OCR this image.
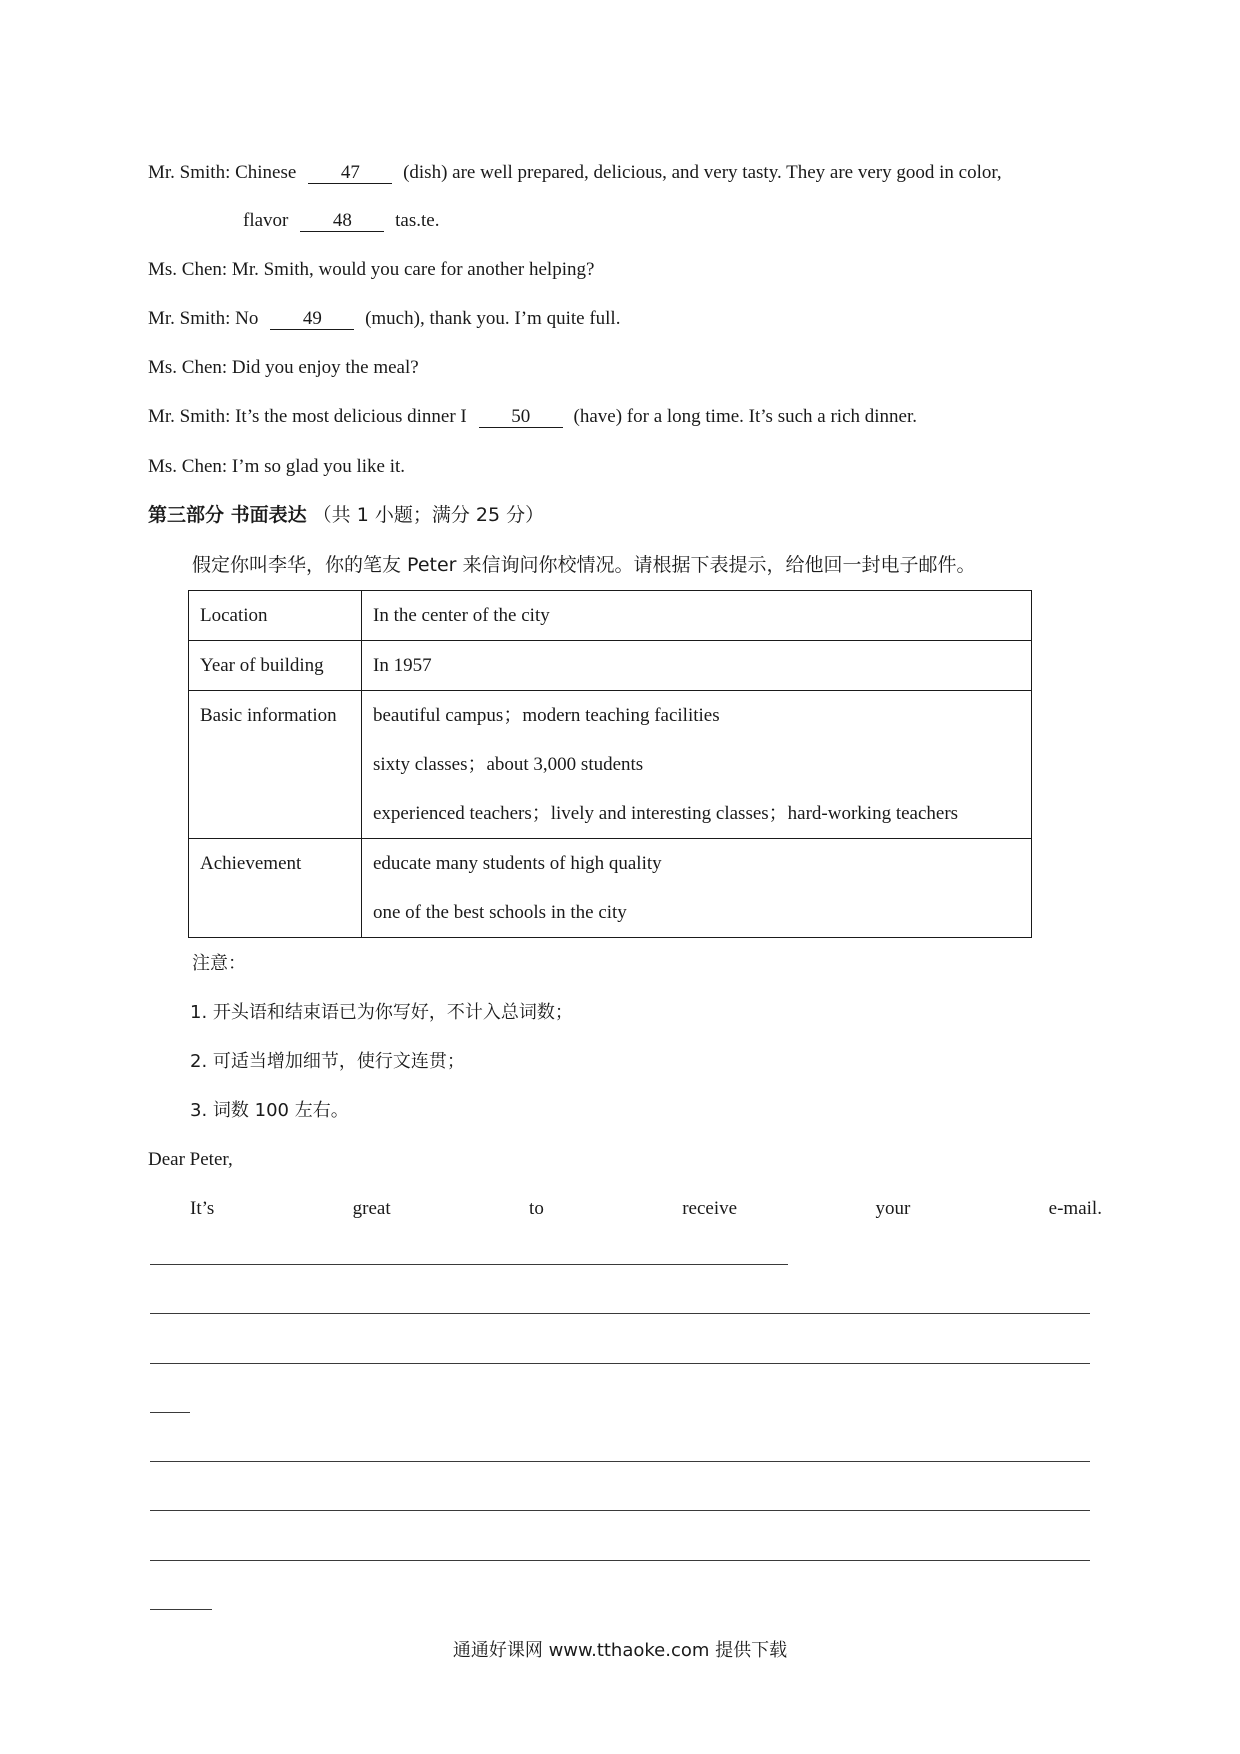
Mr. Smith: Chinese 47 (dish) are well prepared, delicious, and very tasty. They are very good in color,
flavor 48 tas.te.
Ms. Chen: Mr. Smith, would you care for another helping?
Mr. Smith: No 49 (much), thank you. I’m quite full.
Ms. Chen: Did you enjoy the meal?
Mr. Smith: It’s the most delicious dinner I 50 (have) for a long time. It’s such a rich dinner.
Ms. Chen: I’m so glad you like it.
第三部分 书面表达 （共 1 小题；满分 25 分）
假定你叫李华，你的笔友 Peter 来信询问你校情况。请根据下表提示，给他回一封电子邮件。
Location	In the center of the city

Year of building	In 1957

Basic information	beautiful campus；modern teaching facilities
sixty classes；about 3,000 students
experienced teachers；lively and interesting classes；hard-working teachers

Achievement	educate many students of high quality
one of the best schools in the city
注意：
1. 开头语和结束语已为你写好，不计入总词数；
2. 可适当增加细节，使行文连贯；
3. 词数 100 左右。
Dear Peter,
It’s	great	to	receive	your	e-mail.
通通好课网 www.tthaoke.com 提供下载
